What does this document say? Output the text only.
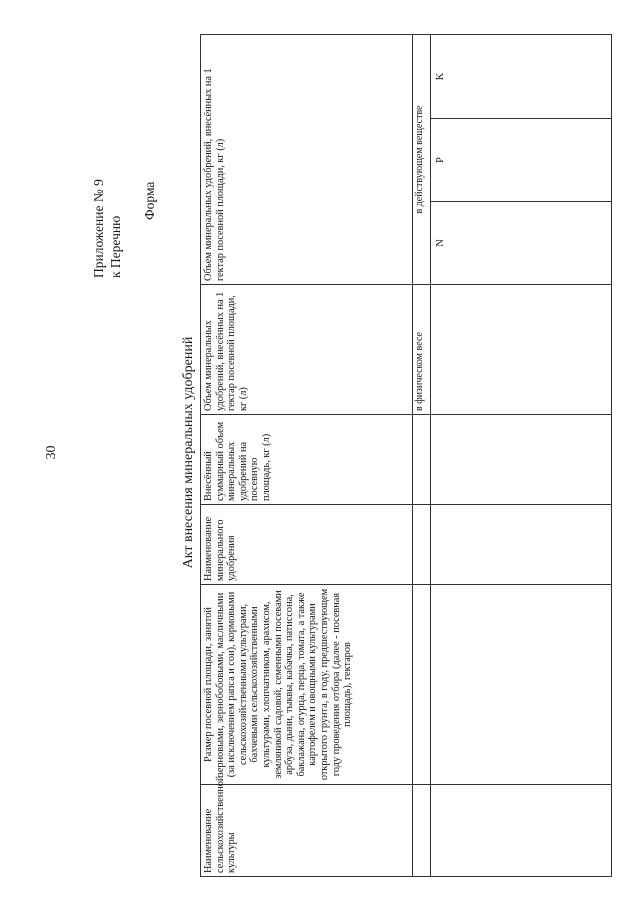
30
Приложение № 9 к Перечню
Форма
Акт внесения минеральных удобрений
Наименование сельскохозяйственной культуры	Размер посевной площади, занятой зерновыми, зернобобовыми, масличными (за исключением рапса и сои), кормовыми сельскохозяйственными культурами, бахчевыми сельскохозяйственными культурами, хлопчатником, арахисом, земляникой садовой, семенными посевами арбуза, дыни, тыквы, кабачка, патиссона, баклажана, огурца, перца, томата, а также картофелем и овощными культурами открытого грунта, в году, предшествующем году проведения отбора (далее - посевная площадь), гектаров	Наименование минерального удобрения	Внесённый суммарный объем минеральных удобрений на посевную площадь, кг (л)	Объем минеральных удобрений, внесённых на 1 гектар посевной площади, кг (л)	Объем минеральных удобрений, внесённых на 1 гектар посевной площади, кг (л)		
				в физическом весе	в действующем веществе		
					N	P	K
